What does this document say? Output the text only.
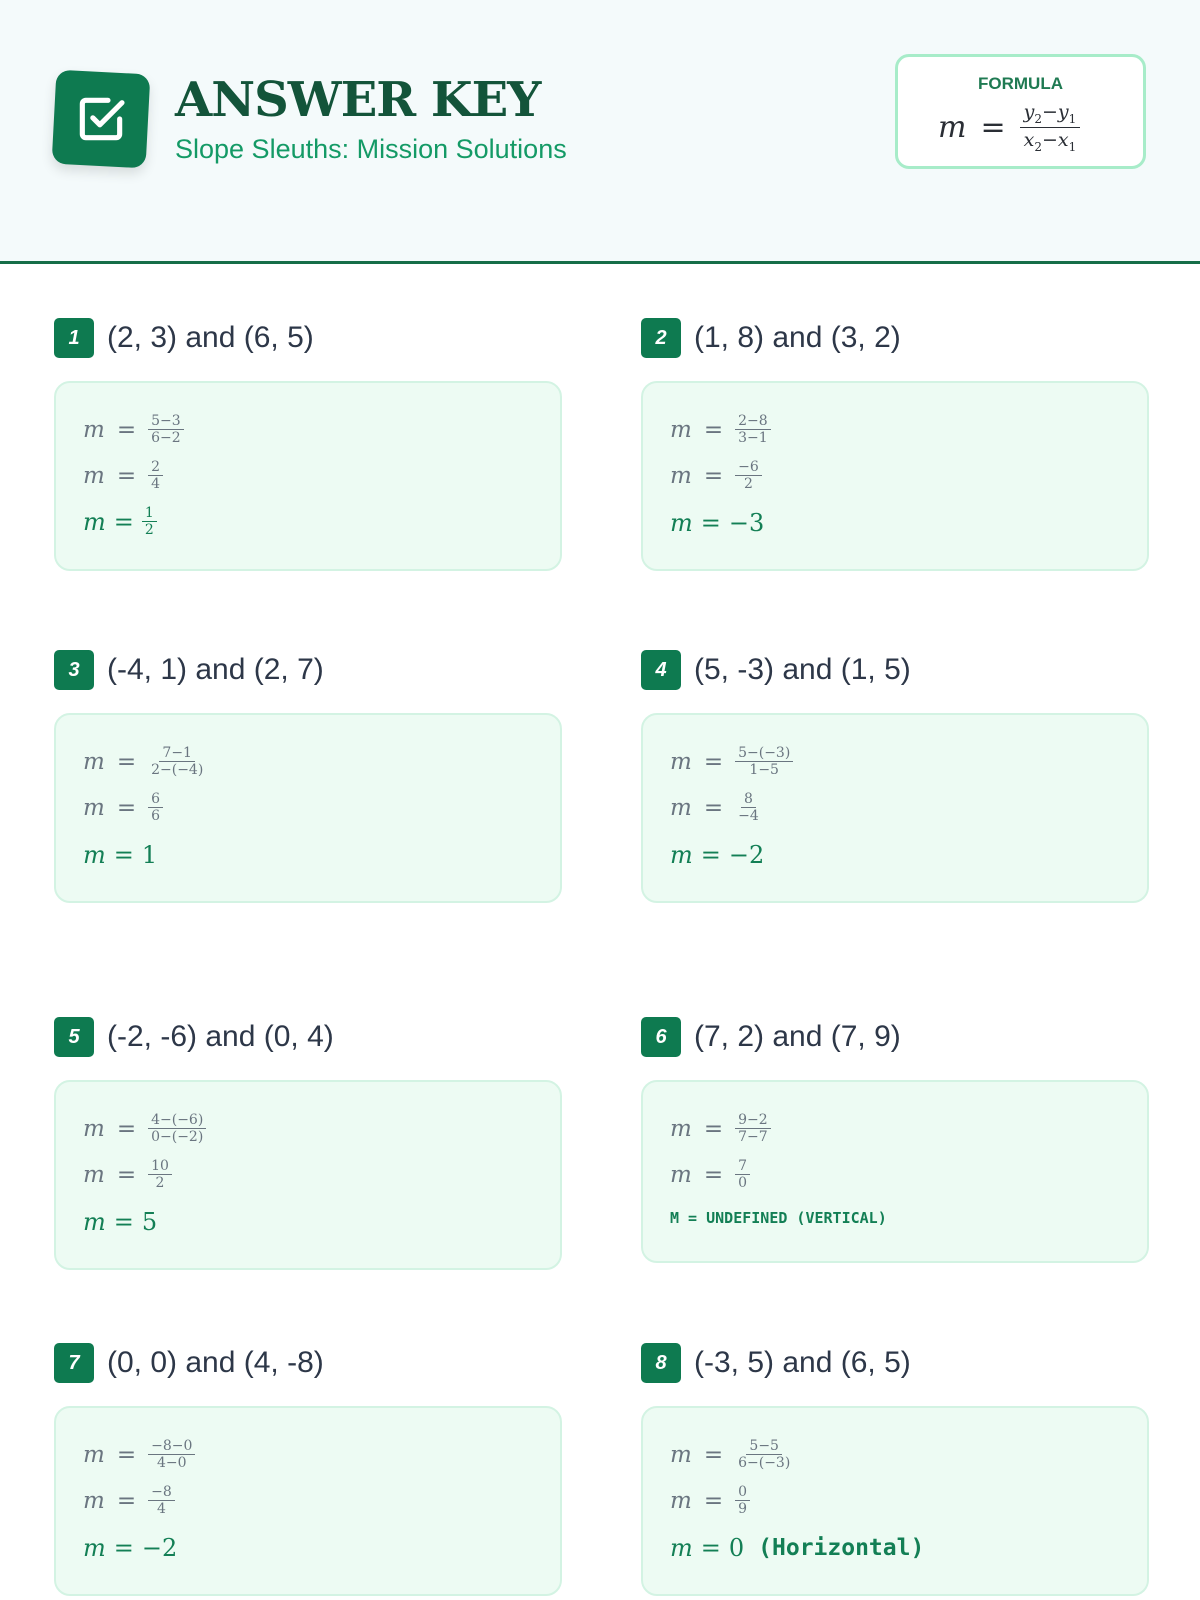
ANSWER KEY
Slope Sleuths: Mission Solutions
FORMULA
$m = \frac{y_2-y_1}{x_2-x_1}$
1 (2, 3) and (6, 5)
$m = \frac{5-3}{6-2}$
$m = \frac{2}{4}$
$m = \frac{1}{2}$
2 (1, 8) and (3, 2)
$m = \frac{2-8}{3-1}$
$m = \frac{-6}{2}$
m = −3
3 (-4, 1) and (2, 7)
$m = \frac{7-1}{2-(-4)}$
$m = \frac{6}{6}$
m = 1
4 (5, -3) and (1, 5)
$m = \frac{5-(-3)}{1-5}$
$m = \frac{8}{-4}$
m = −2
5 (-2, -6) and (0, 4)
$m = \frac{4-(-6)}{0-(-2)}$
$m = \frac{10}{2}$
m = 5
6 (7, 2) and (7, 9)
$m = \frac{9-2}{7-7}$
$m = \frac{7}{0}$
M = UNDEFINED (VERTICAL)
7 (0, 0) and (4, -8)
$m = \frac{-8-0}{4-0}$
$m = \frac{-8}{4}$
m = −2
8 (-3, 5) and (6, 5)
$m = \frac{5-5}{6-(-3)}$
$m = \frac{0}{9}$
m = 0 (Horizontal)
